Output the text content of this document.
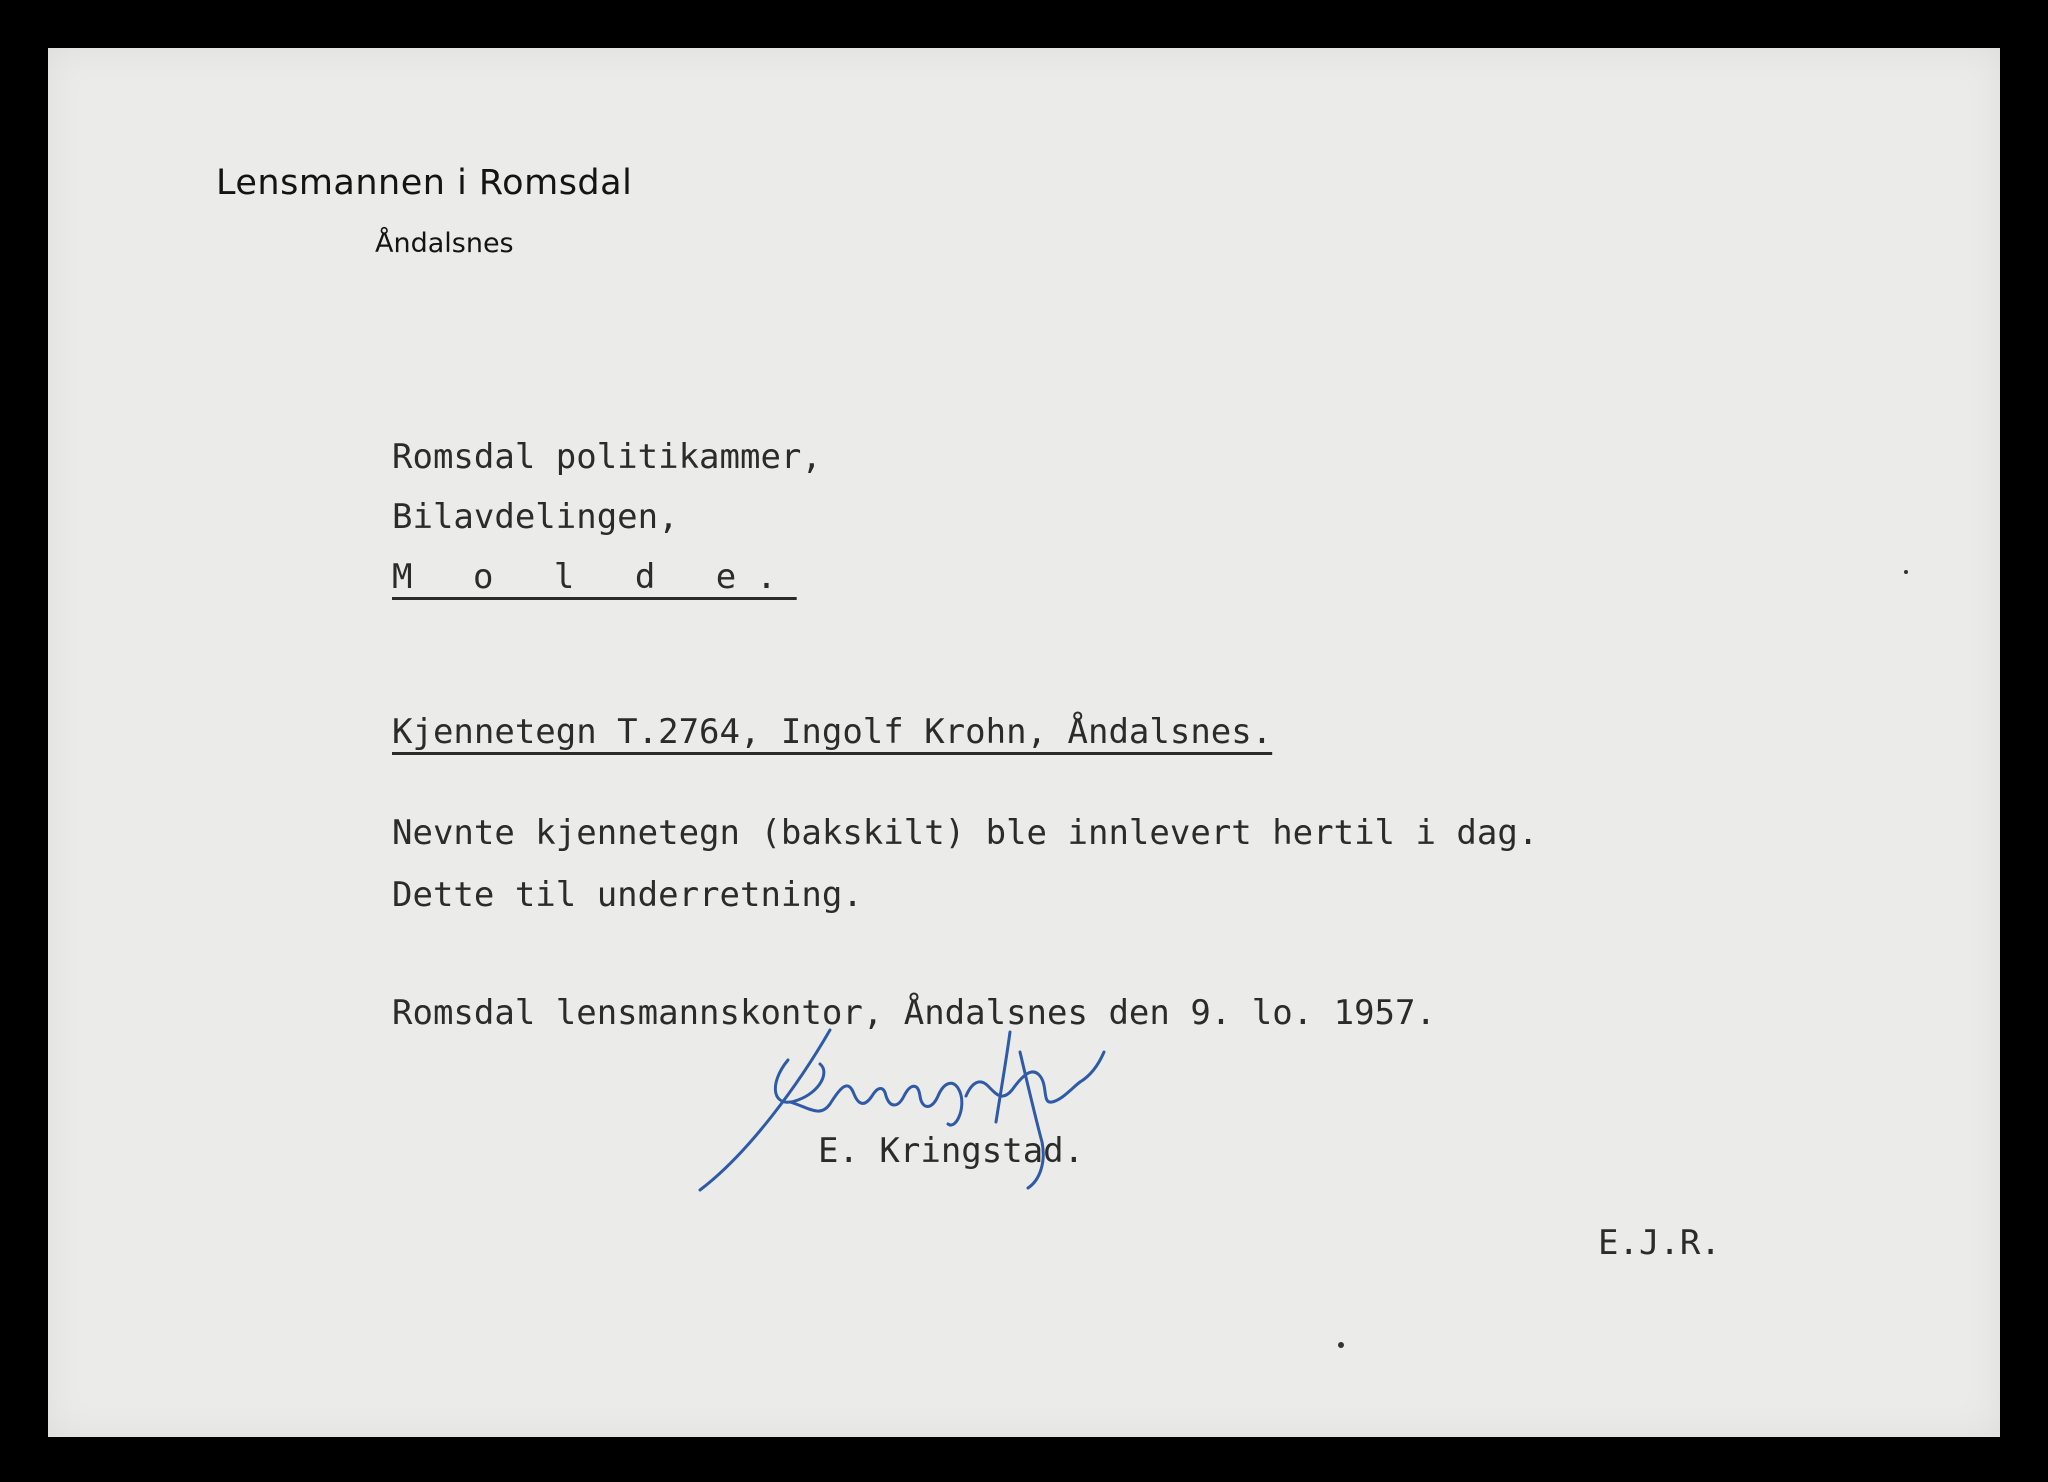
Lensmannen i Romsdal
Åndalsnes
Romsdal politikammer,
Bilavdelingen,
M o l d e.
Kjennetegn T.2764, Ingolf Krohn, Åndalsnes.
Nevnte kjennetegn (bakskilt) ble innlevert hertil i dag.
Dette til underretning.
Romsdal lensmannskontor, Åndalsnes den 9. lo. 1957.
E. Kringstad.
E.J.R.
